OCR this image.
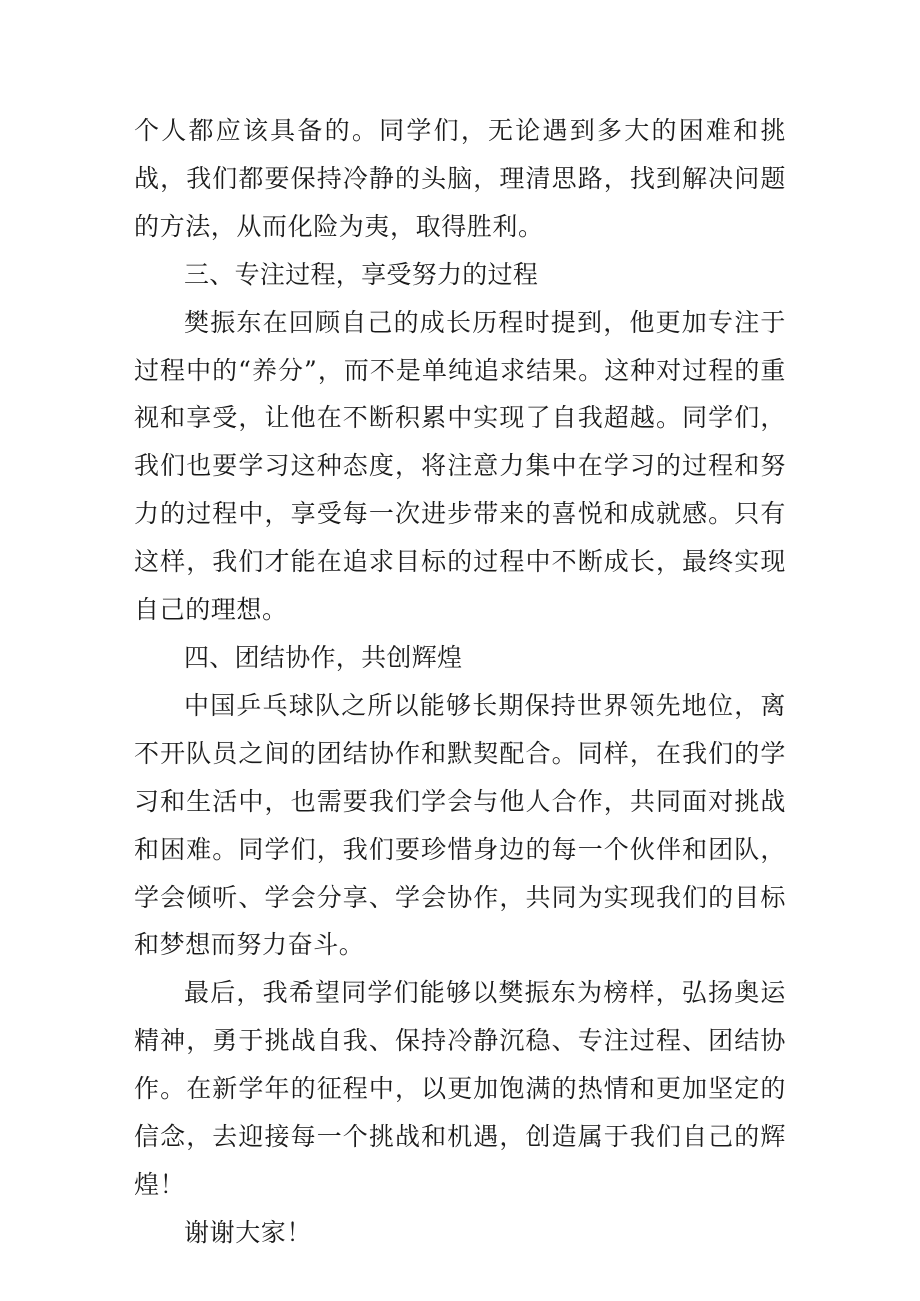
个人都应该具备的。同学们，无论遇到多大的困难和挑战，我们都要保持冷静的头脑，理清思路，找到解决问题的方法，从而化险为夷，取得胜利。

三、专注过程，享受努力的过程

樊振东在回顾自己的成长历程时提到，他更加专注于过程中的“养分”，而不是单纯追求结果。这种对过程的重视和享受，让他在不断积累中实现了自我超越。同学们，我们也要学习这种态度，将注意力集中在学习的过程和努力的过程中，享受每一次进步带来的喜悦和成就感。只有这样，我们才能在追求目标的过程中不断成长，最终实现自己的理想。

四、团结协作，共创辉煌

中国乒乓球队之所以能够长期保持世界领先地位，离不开队员之间的团结协作和默契配合。同样，在我们的学习和生活中，也需要我们学会与他人合作，共同面对挑战和困难。同学们，我们要珍惜身边的每一个伙伴和团队，学会倾听、学会分享、学会协作，共同为实现我们的目标和梦想而努力奋斗。

最后，我希望同学们能够以樊振东为榜样，弘扬奥运精神，勇于挑战自我、保持冷静沉稳、专注过程、团结协作。在新学年的征程中，以更加饱满的热情和更加坚定的信念，去迎接每一个挑战和机遇，创造属于我们自己的辉煌！

谢谢大家！
